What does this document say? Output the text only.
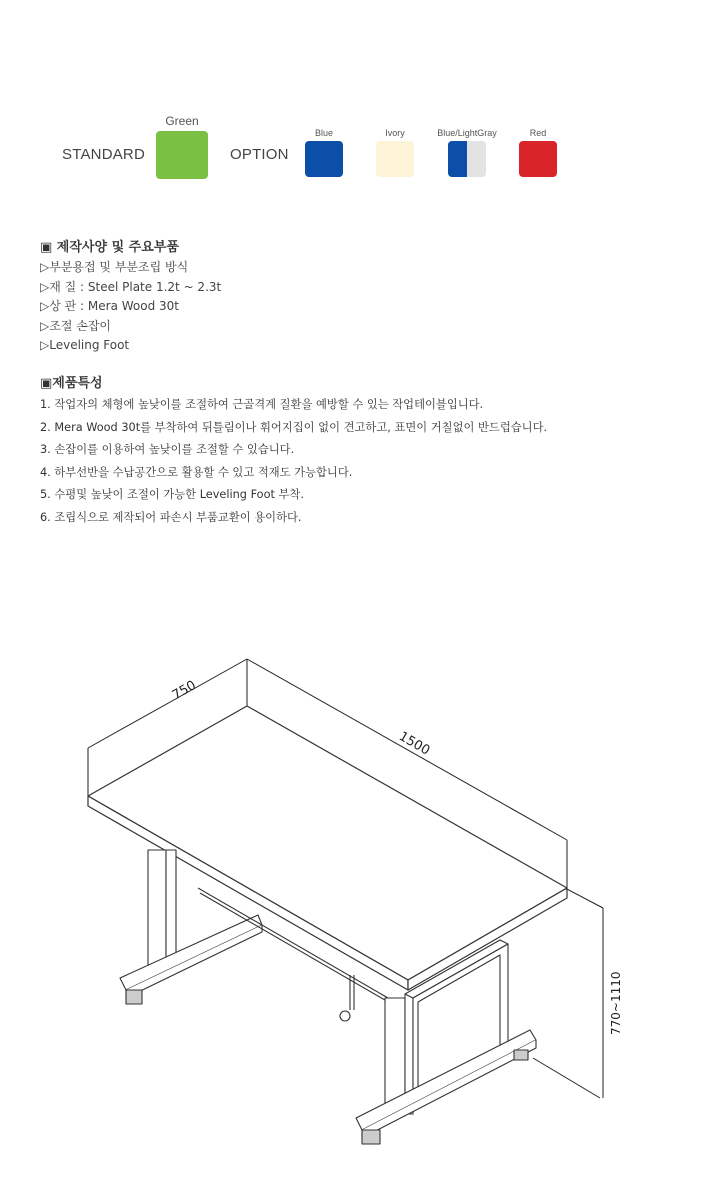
STANDARD
Green
OPTION
Blue	Ivory	Blue/LightGray	Red
▣ 제작사양 및 주요부품
▷부분용접 및 부분조립 방식
▷재 질 : Steel Plate 1.2t ~ 2.3t
▷상 판 : Mera Wood 30t
▷조절 손잡이
▷Leveling Foot
▣제품특성
1. 작업자의 체형에 높낮이를 조절하여 근골격계 질환을 예방할 수 있는 작업테이블입니다.
2. Mera Wood 30t를 부착하여 뒤틀림이나 휘어지집이 없이 견고하고, 표면이 거칠없이 반드럽습니다.
3. 손잡이를 이용하여 높낮이를 조절할 수 있습니다.
4. 하부선반을 수납공간으로 활용할 수 있고 적재도 가능합니다.
5. 수평및 높낮이 조절이 가능한 Leveling Foot 부착.
6. 조립식으로 제작되어 파손시 부품교환이 용이하다.
750
1500
770~1110
